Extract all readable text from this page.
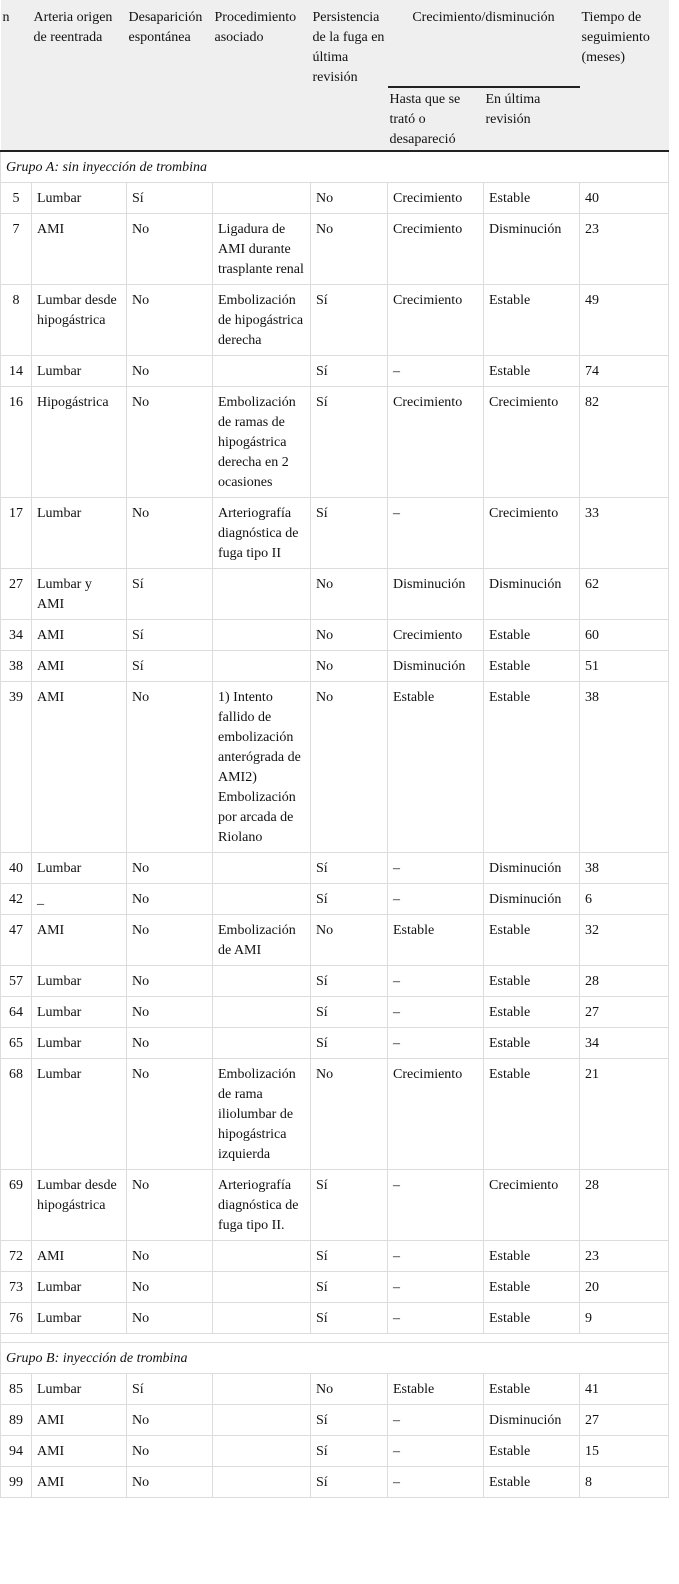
n	Arteria origen de reentrada	Desaparición espontánea	Procedimiento asociado	Persistencia de la fuga en última revisión	Crecimiento/disminución		Tiempo de seguimiento (meses)
					Hasta que se trató o desapareció	En última revisión	
Grupo A: sin inyección de trombina							
5	Lumbar	Sí		No	Crecimiento	Estable	40
7	AMI	No	Ligadura de AMI durante trasplante renal	No	Crecimiento	Disminución	23
8	Lumbar desde hipogástrica	No	Embolización de hipogástrica derecha	Sí	Crecimiento	Estable	49
14	Lumbar	No		Sí	–	Estable	74
16	Hipogástrica	No	Embolización de ramas de hipogástrica derecha en 2 ocasiones	Sí	Crecimiento	Crecimiento	82
17	Lumbar	No	Arteriografía diagnóstica de fuga tipo II	Sí	–	Crecimiento	33
27	Lumbar y AMI	Sí		No	Disminución	Disminución	62
34	AMI	Sí		No	Crecimiento	Estable	60
38	AMI	Sí		No	Disminución	Estable	51
39	AMI	No	1) Intento fallido de embolización anterógrada de AMI2) Embolización por arcada de Riolano	No	Estable	Estable	38
40	Lumbar	No		Sí	–	Disminución	38
42	_	No		Sí	–	Disminución	6
47	AMI	No	Embolización de AMI	No	Estable	Estable	32
57	Lumbar	No		Sí	–	Estable	28
64	Lumbar	No		Sí	–	Estable	27
65	Lumbar	No		Sí	–	Estable	34
68	Lumbar	No	Embolización de rama iliolumbar de hipogástrica izquierda	No	Crecimiento	Estable	21
69	Lumbar desde hipogástrica	No	Arteriografía diagnóstica de fuga tipo II.	Sí	–	Crecimiento	28
72	AMI	No		Sí	–	Estable	23
73	Lumbar	No		Sí	–	Estable	20
76	Lumbar	No		Sí	–	Estable	9

Grupo B: inyección de trombina							
85	Lumbar	Sí		No	Estable	Estable	41
89	AMI	No		Sí	–	Disminución	27
94	AMI	No		Sí	–	Estable	15
99	AMI	No		Sí	–	Estable	8
